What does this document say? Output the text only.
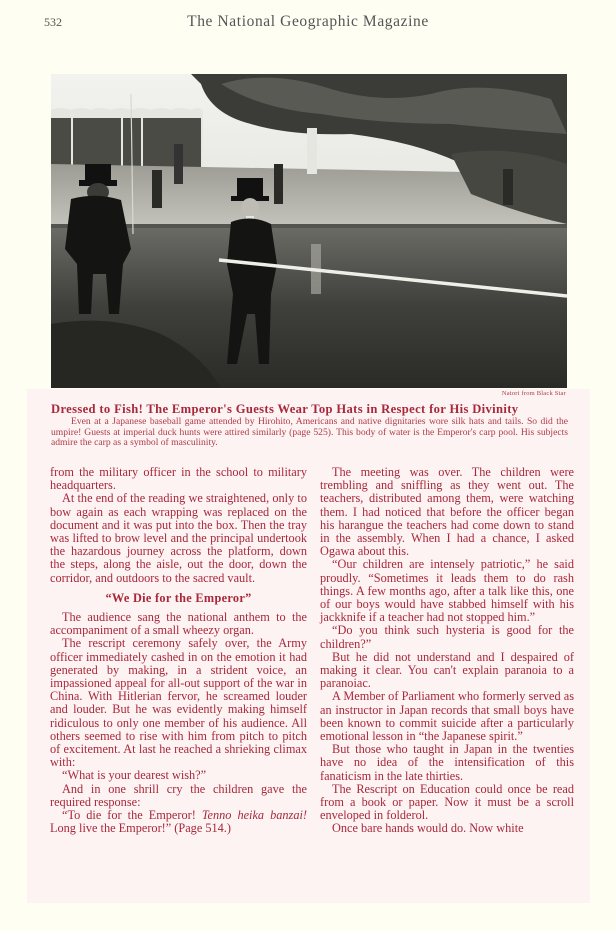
532	The National Geographic Magazine
Natori from Black Star
Dressed to Fish! The Emperor's Guests Wear Top Hats in Respect for His Divinity
Even at a Japanese baseball game attended by Hirohito, Americans and native dignitaries wore silk hats and tails. So did the umpire! Guests at imperial duck hunts were attired similarly (page 525). This body of water is the Emperor's carp pool. His subjects admire the carp as a symbol of masculinity.

from the military officer in the school to military headquarters.

At the end of the reading we straightened, only to bow again as each wrapping was replaced on the document and it was put into the box. Then the tray was lifted to brow level and the principal undertook the hazardous journey across the platform, down the steps, along the aisle, out the door, down the corridor, and outdoors to the sacred vault.

“We Die for the Emperor”

The audience sang the national anthem to the accompaniment of a small wheezy organ.

The rescript ceremony safely over, the Army officer immediately cashed in on the emotion it had generated by making, in a strident voice, an impassioned appeal for all-out support of the war in China. With Hitlerian fervor, he screamed louder and louder. But he was evidently making himself ridiculous to only one member of his audience. All others seemed to rise with him from pitch to pitch of excitement. At last he reached a shrieking climax with:

“What is your dearest wish?”

And in one shrill cry the children gave the required response:

“To die for the Emperor! Tenno heika banzai! Long live the Emperor!” (Page 514.)

The meeting was over. The children were trembling and sniffling as they went out. The teachers, distributed among them, were watching them. I had noticed that before the officer began his harangue the teachers had come down to stand in the assembly. When I had a chance, I asked Ogawa about this.

“Our children are intensely patriotic,” he said proudly. “Sometimes it leads them to do rash things. A few months ago, after a talk like this, one of our boys would have stabbed himself with his jackknife if a teacher had not stopped him.”

“Do you think such hysteria is good for the children?”

But he did not understand and I despaired of making it clear. You can't explain paranoia to a paranoiac.

A Member of Parliament who formerly served as an instructor in Japan records that small boys have been known to commit suicide after a particularly emotional lesson in “the Japanese spirit.”

But those who taught in Japan in the twenties have no idea of the intensification of this fanaticism in the late thirties.

The Rescript on Education could once be read from a book or paper. Now it must be a scroll enveloped in folderol.

Once bare hands would do. Now white
